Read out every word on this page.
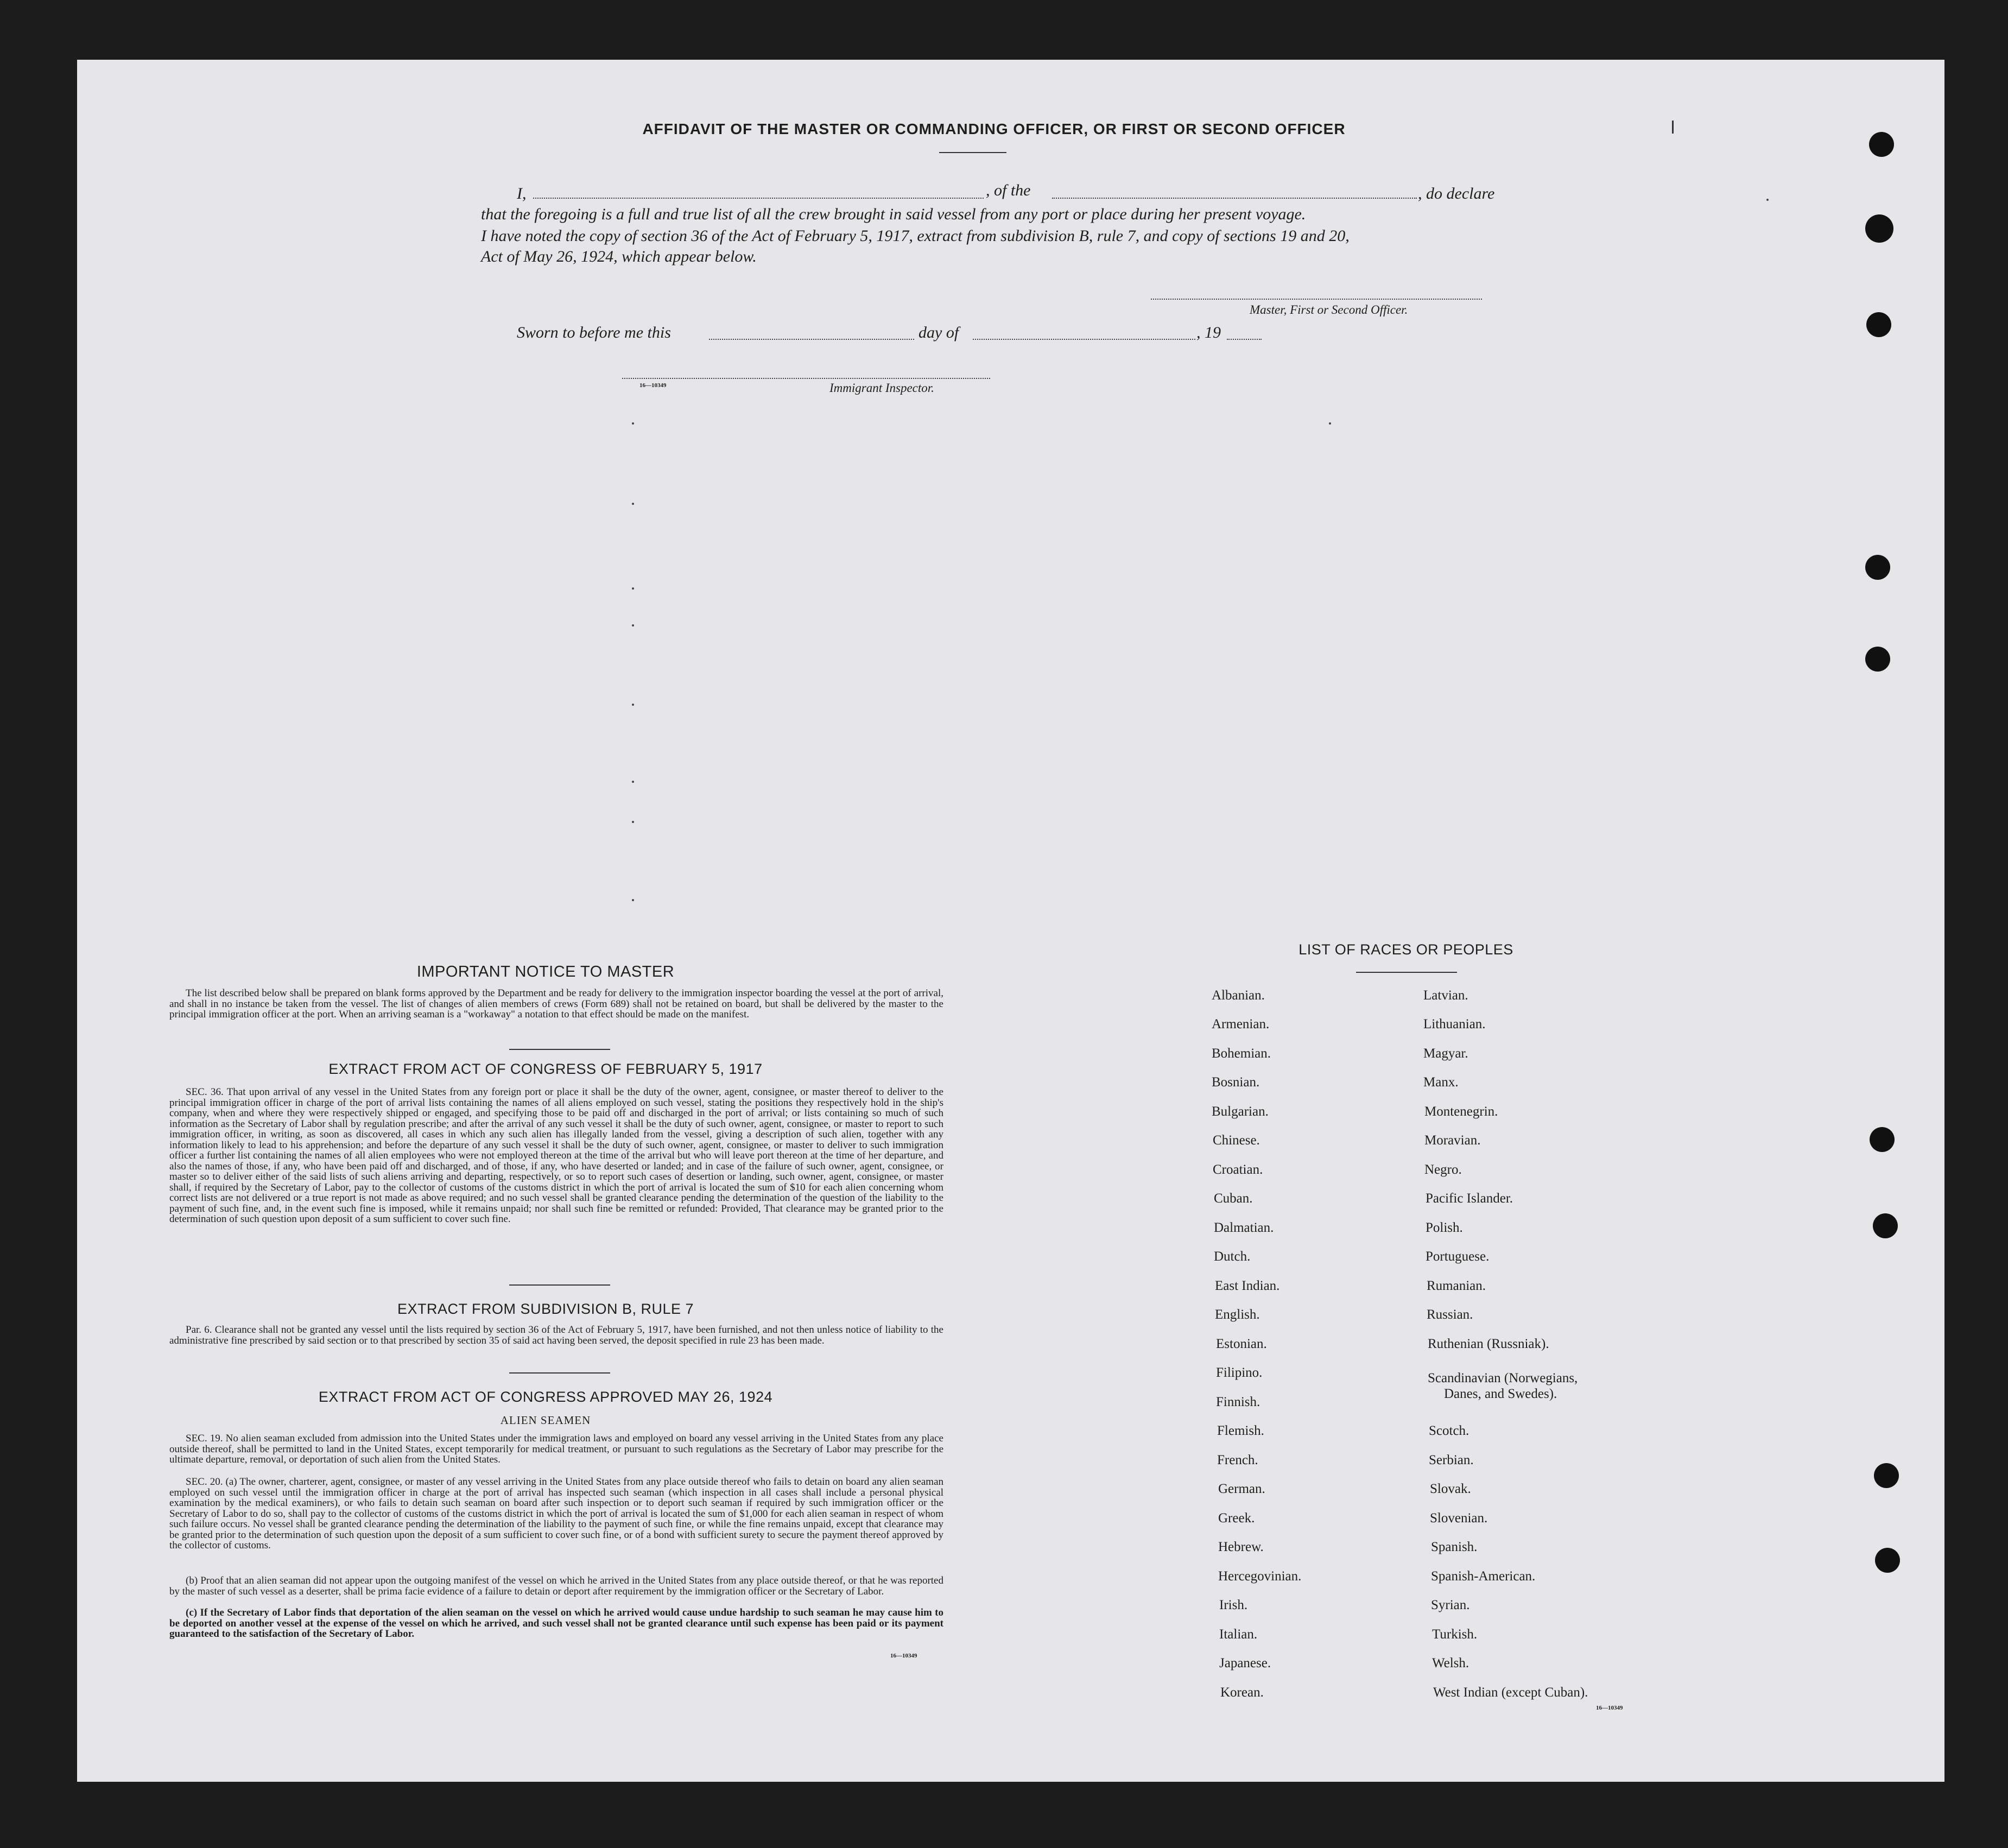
AFFIDAVIT OF THE MASTER OR COMMANDING OFFICER, OR FIRST OR SECOND OFFICER
I,	, of the	, do declare
that the foregoing is a full and true list of all the crew brought in said vessel from any port or place during her present voyage.
I have noted the copy of section 36 of the Act of February 5, 1917, extract from subdivision B, rule 7, and copy of sections 19 and 20,
Act of May 26, 1924, which appear below.
Master, First or Second Officer.
Sworn to before me this	day of	, 19
16—10349	Immigrant Inspector.
IMPORTANT NOTICE TO MASTER
The list described below shall be prepared on blank forms approved by the Department and be ready for delivery to the immigration inspector boarding the vessel at the port of arrival, and shall in no instance be taken from the vessel. The list of changes of alien members of crews (Form 689) shall not be retained on board, but shall be delivered by the master to the principal immigration officer at the port. When an arriving seaman is a "workaway" a notation to that effect should be made on the manifest.
EXTRACT FROM ACT OF CONGRESS OF FEBRUARY 5, 1917
SEC. 36. That upon arrival of any vessel in the United States from any foreign port or place it shall be the duty of the owner, agent, consignee, or master thereof to deliver to the principal immigration officer in charge of the port of arrival lists containing the names of all aliens employed on such vessel, stating the positions they respectively hold in the ship's company, when and where they were respectively shipped or engaged, and specifying those to be paid off and discharged in the port of arrival; or lists containing so much of such information as the Secretary of Labor shall by regulation prescribe; and after the arrival of any such vessel it shall be the duty of such owner, agent, consignee, or master to report to such immigration officer, in writing, as soon as discovered, all cases in which any such alien has illegally landed from the vessel, giving a description of such alien, together with any information likely to lead to his apprehension; and before the departure of any such vessel it shall be the duty of such owner, agent, consignee, or master to deliver to such immigration officer a further list containing the names of all alien employees who were not employed thereon at the time of the arrival but who will leave port thereon at the time of her departure, and also the names of those, if any, who have been paid off and discharged, and of those, if any, who have deserted or landed; and in case of the failure of such owner, agent, consignee, or master so to deliver either of the said lists of such aliens arriving and departing, respectively, or so to report such cases of desertion or landing, such owner, agent, consignee, or master shall, if required by the Secretary of Labor, pay to the collector of customs of the customs district in which the port of arrival is located the sum of $10 for each alien concerning whom correct lists are not delivered or a true report is not made as above required; and no such vessel shall be granted clearance pending the determination of the question of the liability to the payment of such fine, and, in the event such fine is imposed, while it remains unpaid; nor shall such fine be remitted or refunded: Provided, That clearance may be granted prior to the determination of such question upon deposit of a sum sufficient to cover such fine.
EXTRACT FROM SUBDIVISION B, RULE 7
Par. 6. Clearance shall not be granted any vessel until the lists required by section 36 of the Act of February 5, 1917, have been furnished, and not then unless notice of liability to the administrative fine prescribed by said section or to that prescribed by section 35 of said act having been served, the deposit specified in rule 23 has been made.
EXTRACT FROM ACT OF CONGRESS APPROVED MAY 26, 1924
ALIEN SEAMEN
SEC. 19. No alien seaman excluded from admission into the United States under the immigration laws and employed on board any vessel arriving in the United States from any place outside thereof, shall be permitted to land in the United States, except temporarily for medical treatment, or pursuant to such regulations as the Secretary of Labor may prescribe for the ultimate departure, removal, or deportation of such alien from the United States.
SEC. 20. (a) The owner, charterer, agent, consignee, or master of any vessel arriving in the United States from any place outside thereof who fails to detain on board any alien seaman employed on such vessel until the immigration officer in charge at the port of arrival has inspected such seaman (which inspection in all cases shall include a personal physical examination by the medical examiners), or who fails to detain such seaman on board after such inspection or to deport such seaman if required by such immigration officer or the Secretary of Labor to do so, shall pay to the collector of customs of the customs district in which the port of arrival is located the sum of $1,000 for each alien seaman in respect of whom such failure occurs. No vessel shall be granted clearance pending the determination of the liability to the payment of such fine, or while the fine remains unpaid, except that clearance may be granted prior to the determination of such question upon the deposit of a sum sufficient to cover such fine, or of a bond with sufficient surety to secure the payment thereof approved by the collector of customs.
(b) Proof that an alien seaman did not appear upon the outgoing manifest of the vessel on which he arrived in the United States from any place outside thereof, or that he was reported by the master of such vessel as a deserter, shall be prima facie evidence of a failure to detain or deport after requirement by the immigration officer or the Secretary of Labor.
(c) If the Secretary of Labor finds that deportation of the alien seaman on the vessel on which he arrived would cause undue hardship to such seaman he may cause him to be deported on another vessel at the expense of the vessel on which he arrived, and such vessel shall not be granted clearance until such expense has been paid or its payment guaranteed to the satisfaction of the Secretary of Labor.
16—10349
LIST OF RACES OR PEOPLES
Albanian.
Armenian.
Bohemian.
Bosnian.
Bulgarian.
Chinese.
Croatian.
Cuban.
Dalmatian.
Dutch.
East Indian.
English.
Estonian.
Filipino.
Finnish.
Flemish.
French.
German.
Greek.
Hebrew.
Hercegovinian.
Irish.
Italian.
Japanese.
Korean.
Latvian.
Lithuanian.
Magyar.
Manx.
Montenegrin.
Moravian.
Negro.
Pacific Islander.
Polish.
Portuguese.
Rumanian.
Russian.
Ruthenian (Russniak).
Scandinavian (Norwegians,
Danes, and Swedes).
Scotch.
Serbian.
Slovak.
Slovenian.
Spanish.
Spanish-American.
Syrian.
Turkish.
Welsh.
West Indian (except Cuban).
16—10349
